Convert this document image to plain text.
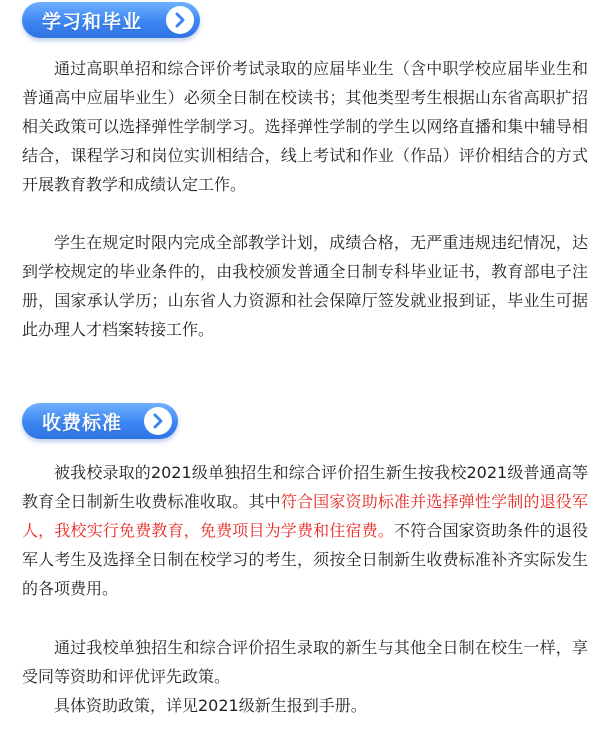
学习和毕业

通过高职单招和综合评价考试录取的应届毕业生（含中职学校应届毕业生和普通高中应届毕业生）必须全日制在校读书；其他类型考生根据山东省高职扩招相关政策可以选择弹性学制学习。选择弹性学制的学生以网络直播和集中辅导相结合，课程学习和岗位实训相结合，线上考试和作业（作品）评价相结合的方式开展教育教学和成绩认定工作。

学生在规定时限内完成全部教学计划，成绩合格，无严重违规违纪情况，达到学校规定的毕业条件的，由我校颁发普通全日制专科毕业证书，教育部电子注册，国家承认学历；山东省人力资源和社会保障厅签发就业报到证，毕业生可据此办理人才档案转接工作。

收费标准

被我校录取的2021级单独招生和综合评价招生新生按我校2021级普通高等教育全日制新生收费标准收取。其中符合国家资助标准并选择弹性学制的退役军人，我校实行免费教育，免费项目为学费和住宿费。不符合国家资助条件的退役军人考生及选择全日制在校学习的考生，须按全日制新生收费标准补齐实际发生的各项费用。

通过我校单独招生和综合评价招生录取的新生与其他全日制在校生一样，享受同等资助和评优评先政策。

具体资助政策，详见2021级新生报到手册。
